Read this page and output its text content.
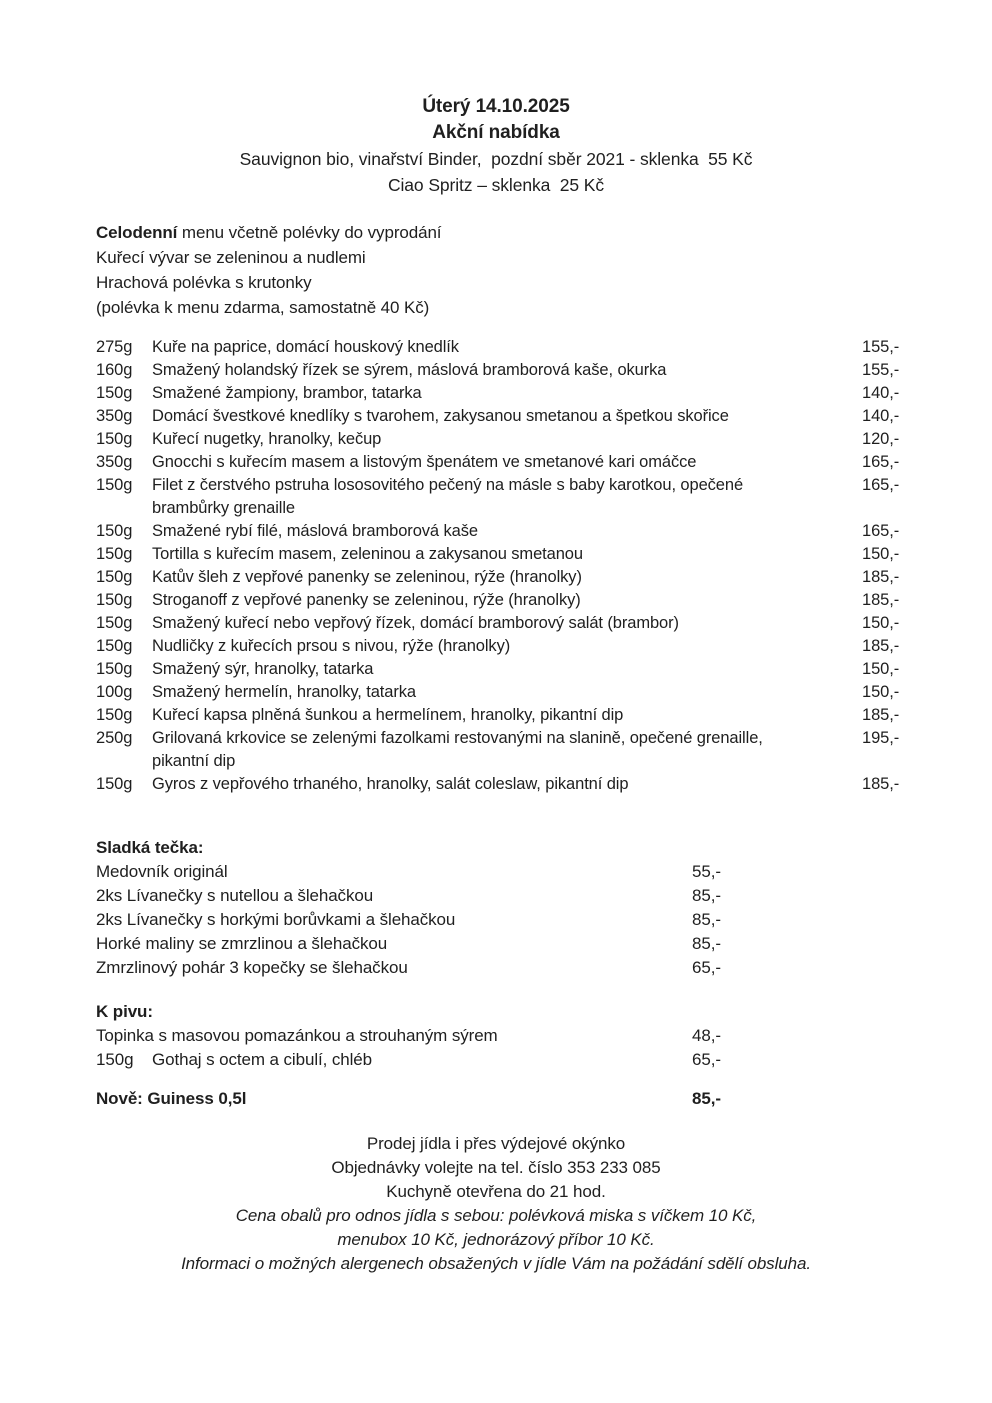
Úterý 14.10.2025
Akční nabídka
Sauvignon bio, vinařství Binder,  pozdní sběr 2021 - sklenka  55 Kč
Ciao Spritz – sklenka  25 Kč
Celodenní menu včetně polévky do vyprodání
Kuřecí vývar se zeleninou a nudlemi
Hrachová polévka s krutonky
(polévka k menu zdarma, samostatně 40 Kč)
275g	Kuře na paprice, domácí houskový knedlík	155,-
160g	Smažený holandský řízek se sýrem, máslová bramborová kaše, okurka	155,-
150g	Smažené žampiony, brambor, tatarka	140,-
350g	Domácí švestkové knedlíky s tvarohem, zakysanou smetanou a špetkou skořice	140,-
150g	Kuřecí nugetky, hranolky, kečup	120,-
350g	Gnocchi s kuřecím masem a listovým špenátem ve smetanové kari omáčce	165,-
150g	Filet z čerstvého pstruha lososovitého pečený na másle s baby karotkou, opečené	165,-
brambůrky grenaille
150g	Smažené rybí filé, máslová bramborová kaše	165,-
150g	Tortilla s kuřecím masem, zeleninou a zakysanou smetanou	150,-
150g	Katův šleh z vepřové panenky se zeleninou, rýže (hranolky)	185,-
150g	Stroganoff z vepřové panenky se zeleninou, rýže (hranolky)	185,-
150g	Smažený kuřecí nebo vepřový řízek, domácí bramborový salát (brambor)	150,-
150g	Nudličky z kuřecích prsou s nivou, rýže (hranolky)	185,-
150g	Smažený sýr, hranolky, tatarka	150,-
100g	Smažený hermelín, hranolky, tatarka	150,-
150g	Kuřecí kapsa plněná šunkou a hermelínem, hranolky, pikantní dip	185,-
250g	Grilovaná krkovice se zelenými fazolkami restovanými na slanině, opečené grenaille,	195,-
pikantní dip
150g	Gyros z vepřového trhaného, hranolky, salát coleslaw, pikantní dip	185,-
Sladká tečka:
Medovník originál	55,-
2ks Lívanečky s nutellou a šlehačkou	85,-
2ks Lívanečky s horkými borůvkami a šlehačkou	85,-
Horké maliny se zmrzlinou a šlehačkou	85,-
Zmrzlinový pohár 3 kopečky se šlehačkou	65,-
K pivu:
Topinka s masovou pomazánkou a strouhaným sýrem	48,-
150g	Gothaj s octem a cibulí, chléb	65,-
Nově: Guiness 0,5l	85,-
Prodej jídla i přes výdejové okýnko
Objednávky volejte na tel. číslo 353 233 085
Kuchyně otevřena do 21 hod.
Cena obalů pro odnos jídla s sebou: polévková miska s víčkem 10 Kč,
menubox 10 Kč, jednorázový příbor 10 Kč.
Informaci o možných alergenech obsažených v jídle Vám na požádání sdělí obsluha.
